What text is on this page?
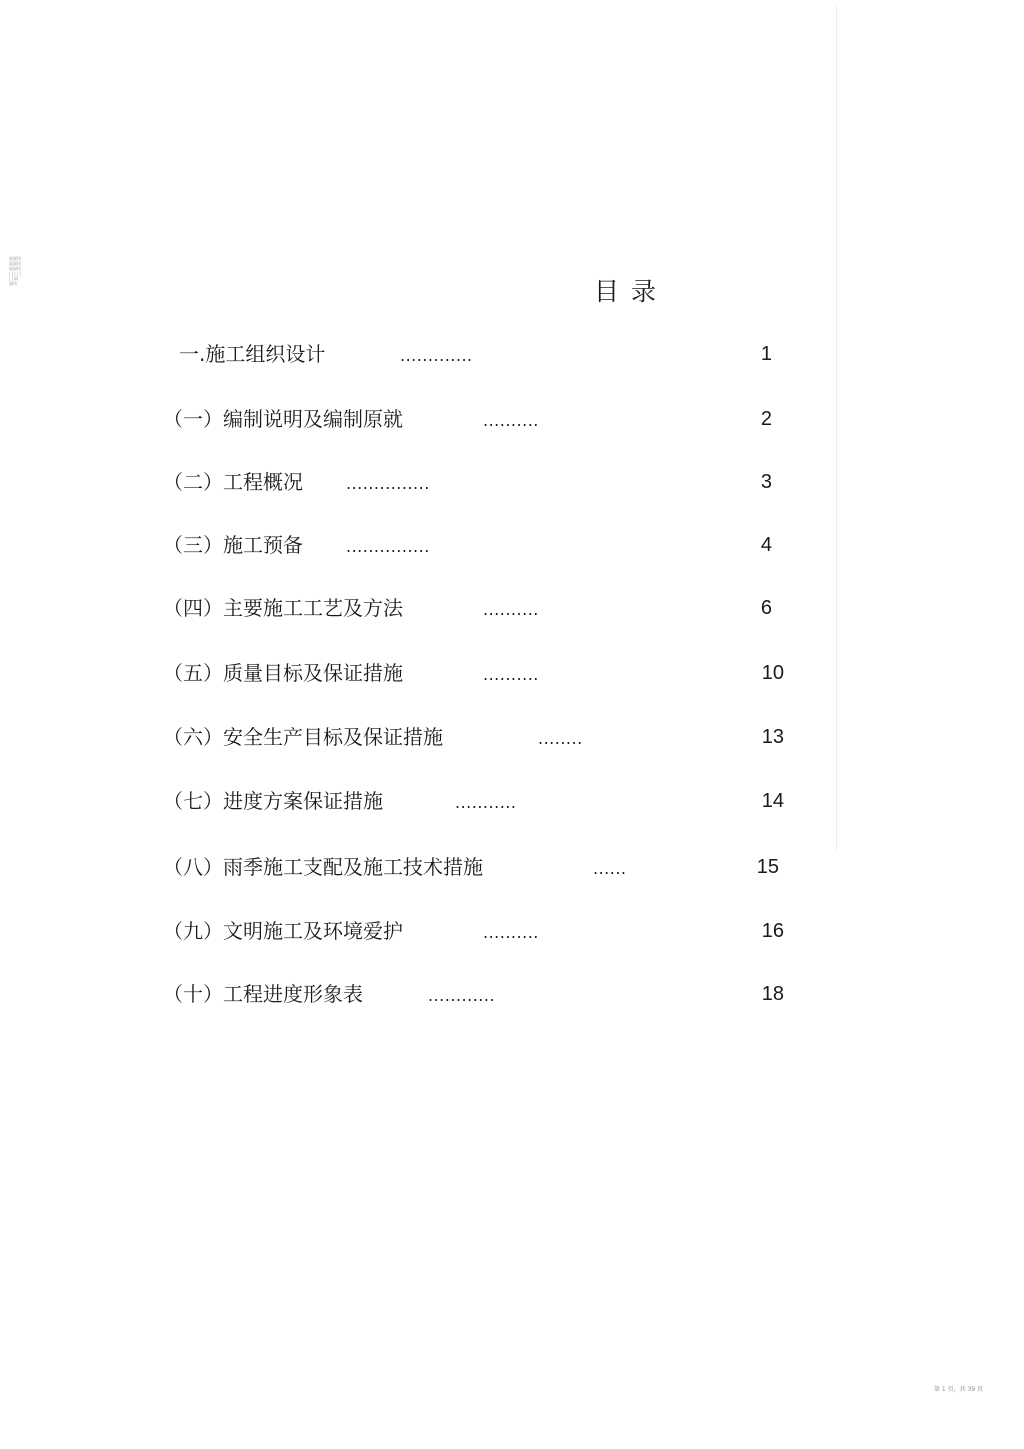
隔题线隔隔线隔隔线 | | | | | | | 隔题线	目录
一.施工组织设计	.............	1
（一）编制说明及编制原就	..........	2
（二）工程概况	...............	3
（三）施工预备	...............	4
（四）主要施工工艺及方法	..........	6
（五）质量目标及保证措施	..........	10
（六）安全生产目标及保证措施	........	13
（七）进度方案保证措施	...........	14
（八）雨季施工支配及施工技术措施	......	15
（九）文明施工及环境爱护	..........	16
（十）工程进度形象表	............	18
第 1 页，共 39 页
